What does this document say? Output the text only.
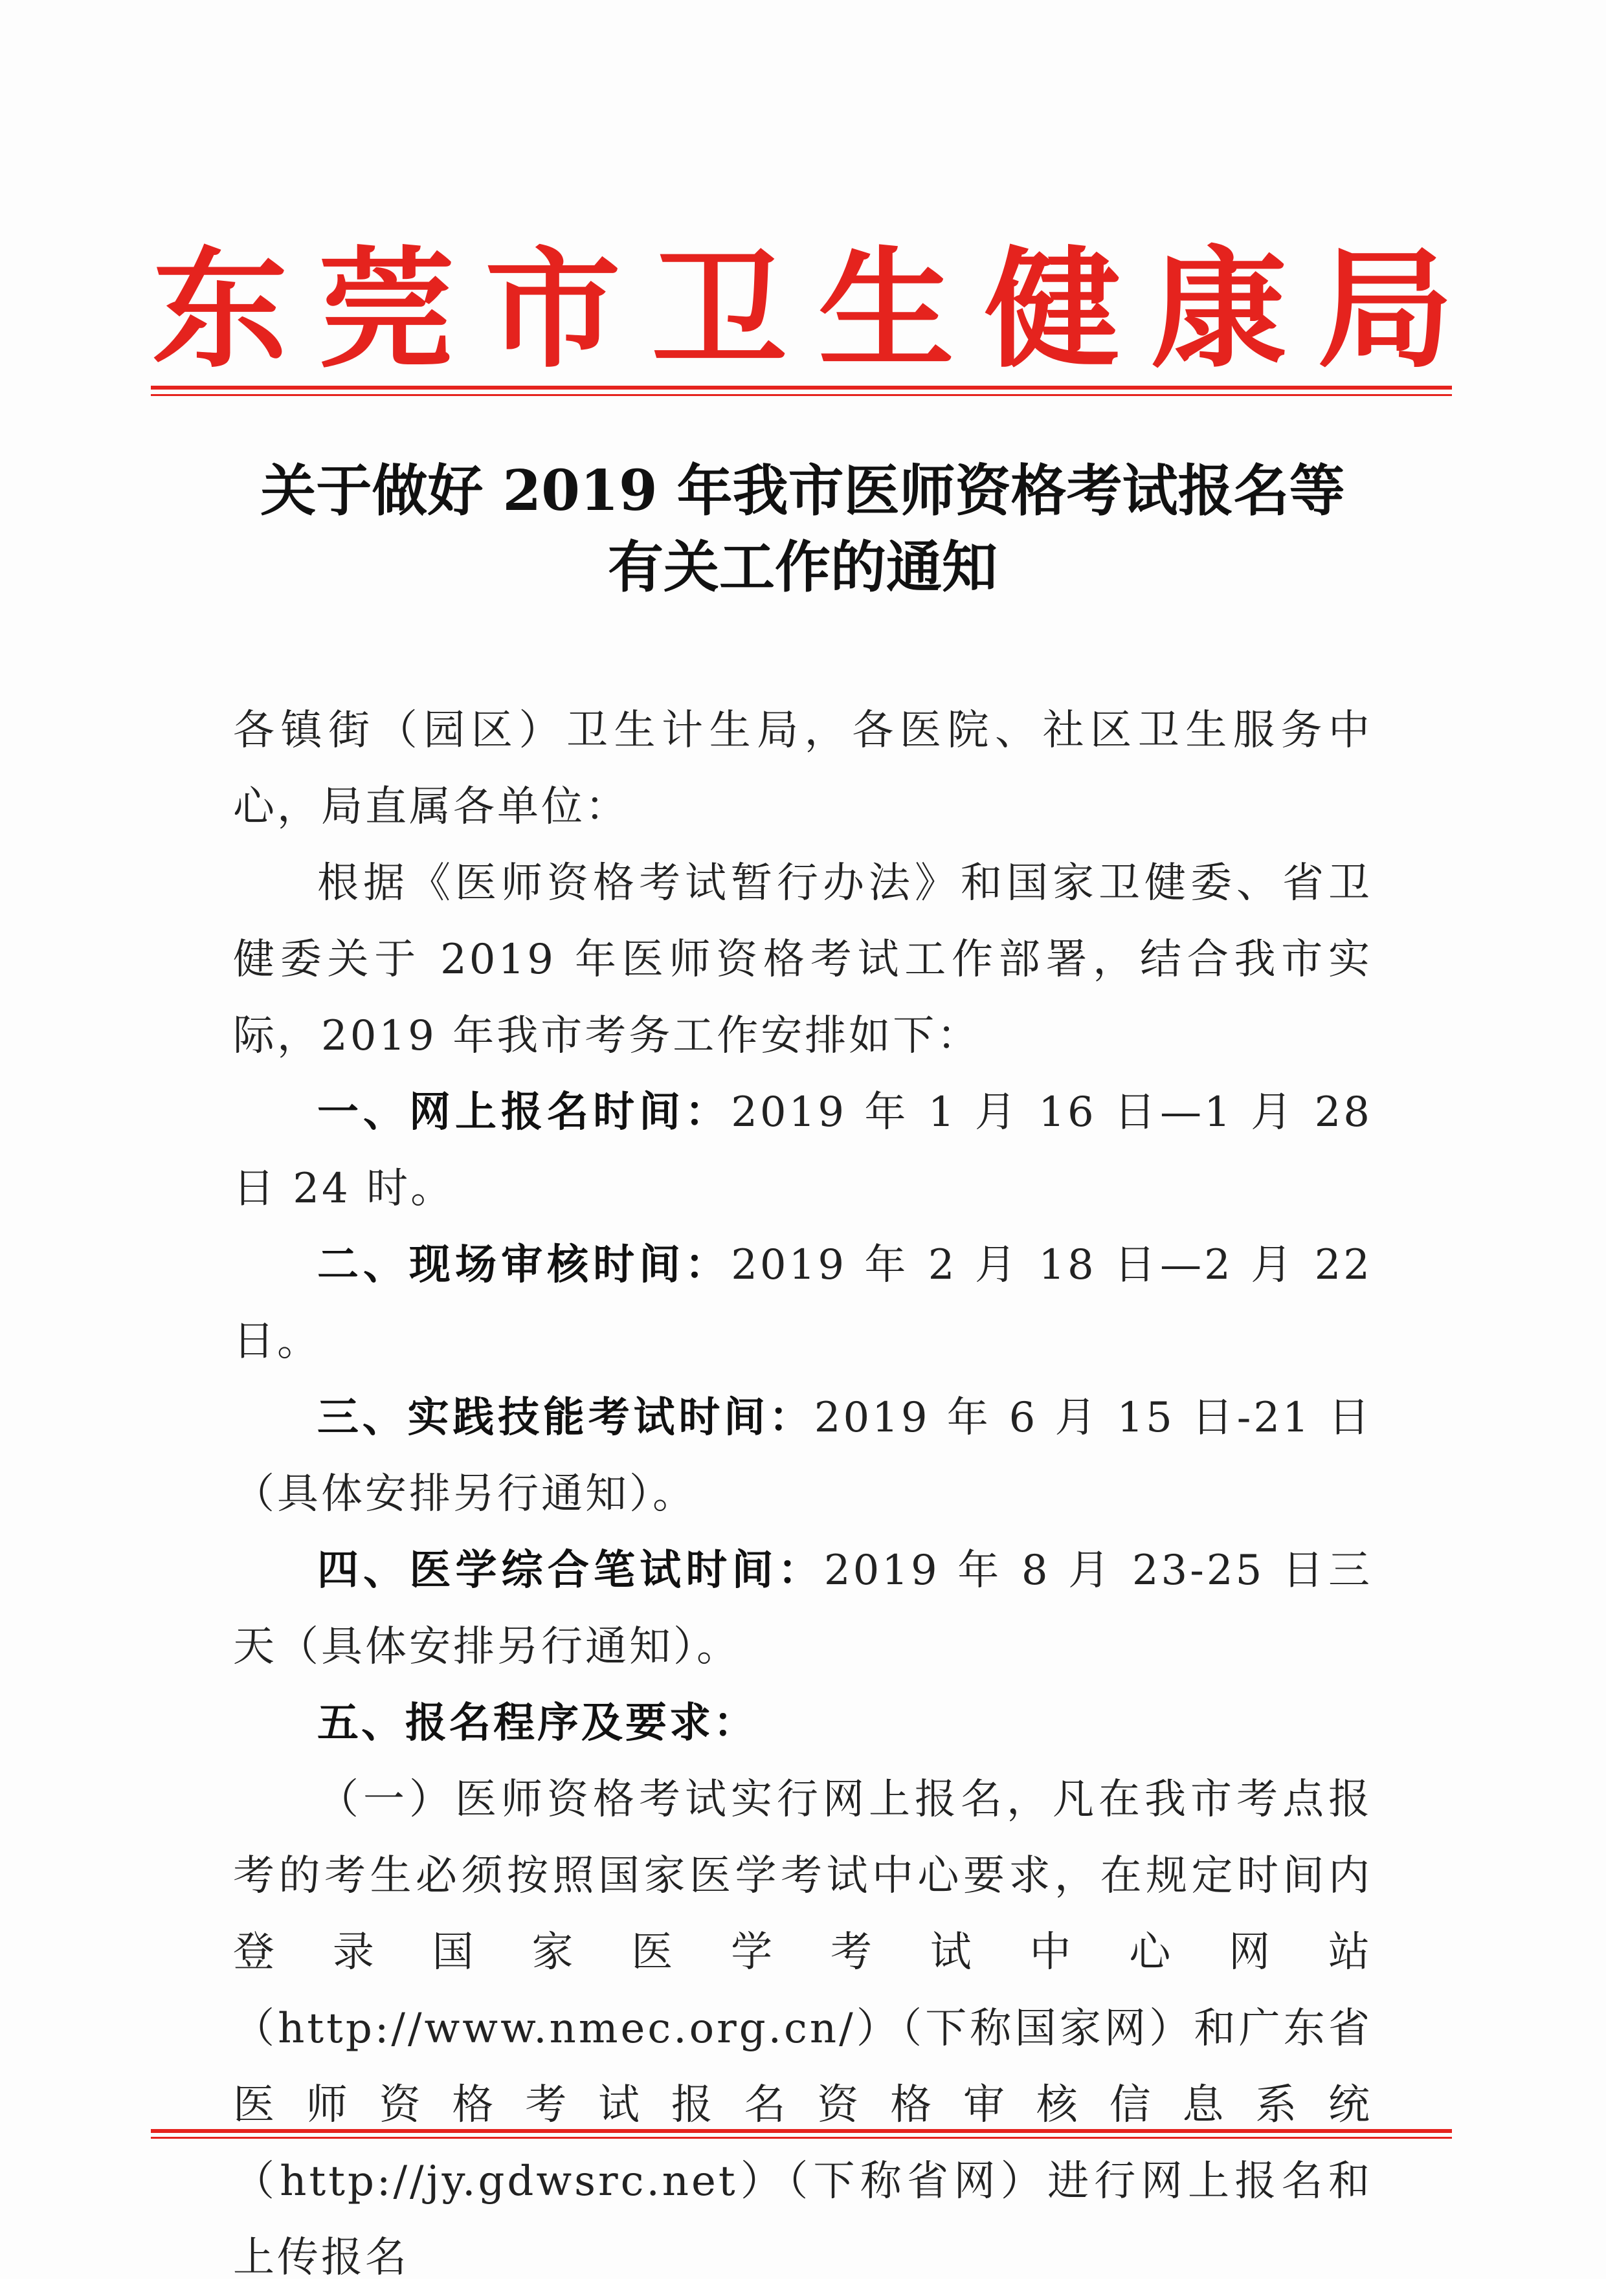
东 莞 市 卫 生 健 康 局
关于做好 2019 年我市医师资格考试报名等
有关工作的通知

各镇街（园区）卫生计生局，各医院、社区卫生服务中心，局直属各单位：

根据《医师资格考试暂行办法》和国家卫健委、省卫健委关于 2019 年医师资格考试工作部署，结合我市实际，2019 年我市考务工作安排如下：

一、网上报名时间：2019 年 1 月 16 日—1 月 28 日 24 时。

二、现场审核时间：2019 年 2 月 18 日—2 月 22 日。

三、实践技能考试时间：2019 年 6 月 15 日-21 日（具体安排另行通知）。

四、医学综合笔试时间：2019 年 8 月 23-25 日三天（具体安排另行通知）。

五、报名程序及要求：

（一）医师资格考试实行网上报名，凡在我市考点报考的考生必须按照国家医学考试中心要求，在规定时间内登录国家医学考试中心网站（http://www.nmec.org.cn/）（下称国家网）和广东省医师资格考试报名资格审核信息系统（http://jy.gdwsrc.net）（下称省网）进行网上报名和上传报名
